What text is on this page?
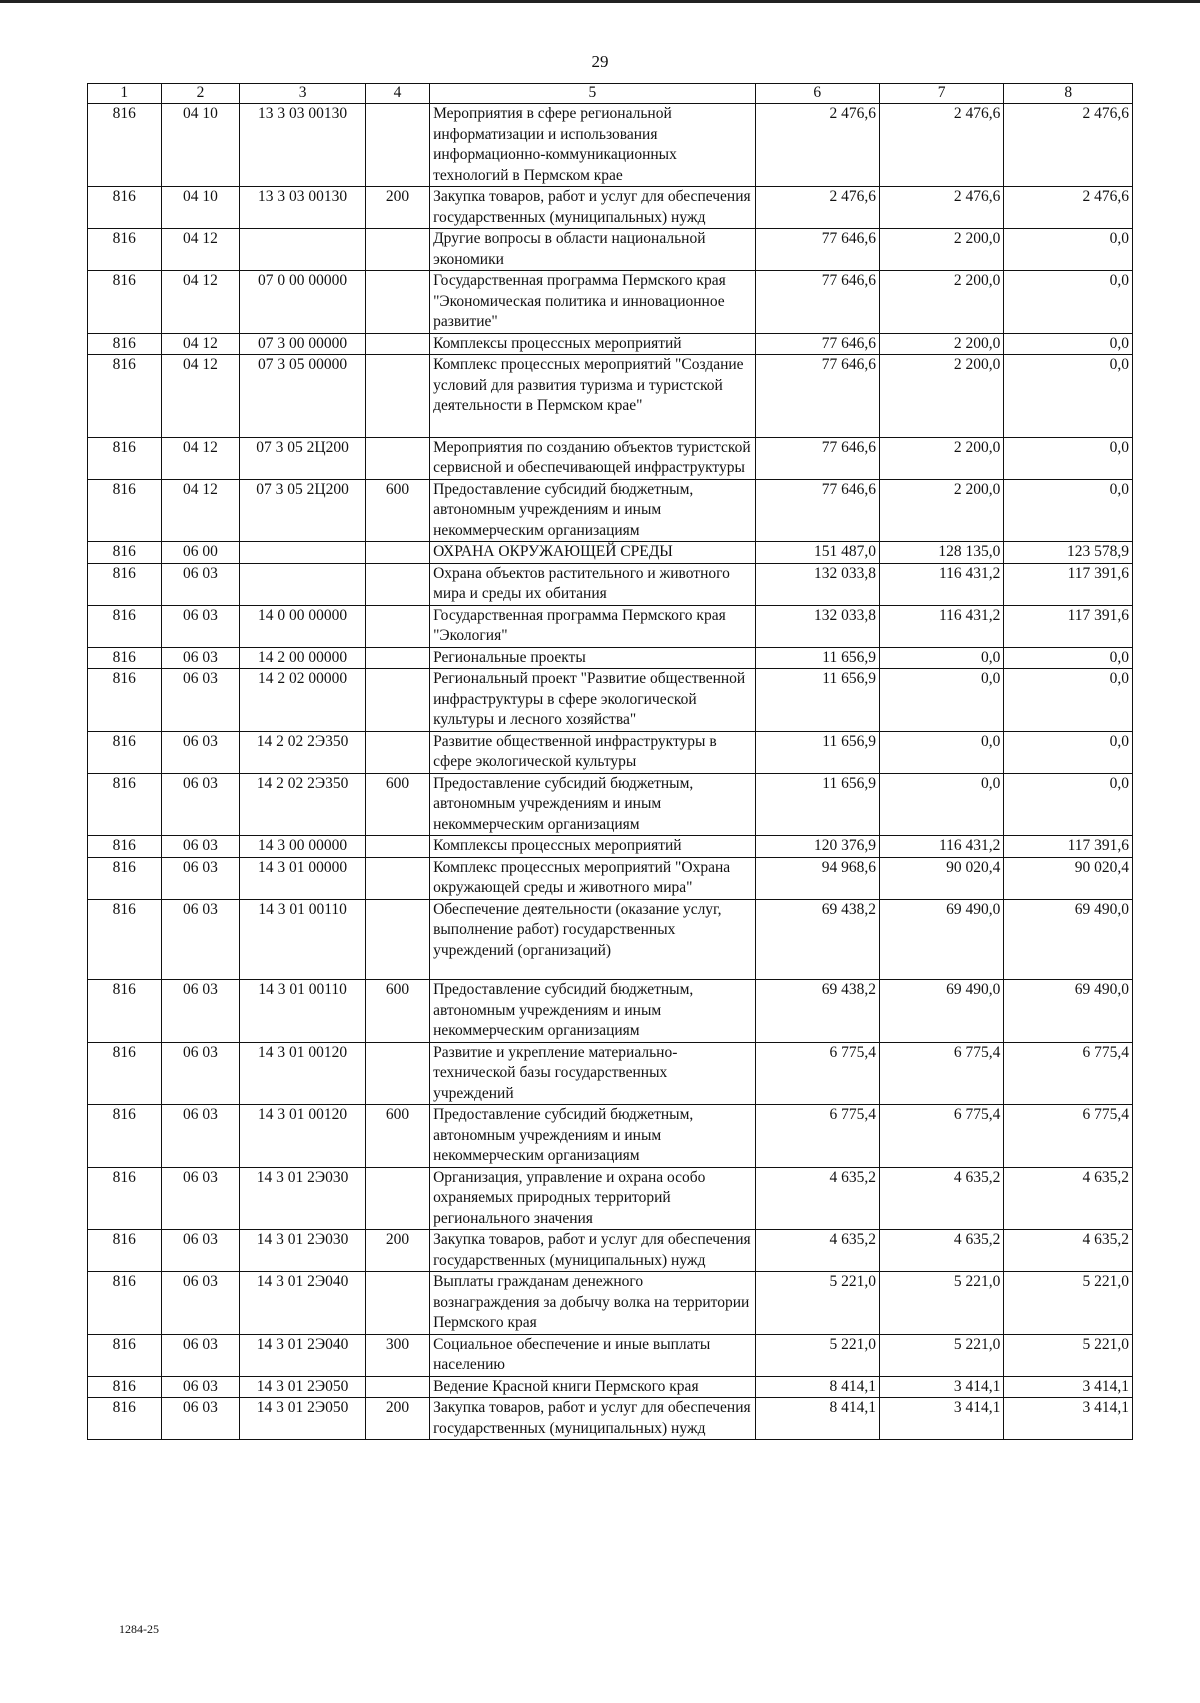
29
1	2	3	4	5	6	7	8
816	04 10	13 3 03 00130		Мероприятия в сфере региональной информатизации и использования информационно-коммуникационных технологий в Пермском крае	2 476,6	2 476,6	2 476,6
816	04 10	13 3 03 00130	200	Закупка товаров, работ и услуг для обеспечения государственных (муниципальных) нужд	2 476,6	2 476,6	2 476,6
816	04 12			Другие вопросы в области национальной экономики	77 646,6	2 200,0	0,0
816	04 12	07 0 00 00000		Государственная программа Пермского края "Экономическая политика и инновационное развитие"	77 646,6	2 200,0	0,0
816	04 12	07 3 00 00000		Комплексы процессных мероприятий	77 646,6	2 200,0	0,0
816	04 12	07 3 05 00000		Комплекс процессных мероприятий "Создание условий для развития туризма и туристской деятельности в Пермском крае"	77 646,6	2 200,0	0,0
816	04 12	07 3 05 2Ц200		Мероприятия по созданию объектов туристской сервисной и обеспечивающей инфраструктуры	77 646,6	2 200,0	0,0
816	04 12	07 3 05 2Ц200	600	Предоставление субсидий бюджетным, автономным учреждениям и иным некоммерческим организациям	77 646,6	2 200,0	0,0
816	06 00			ОХРАНА ОКРУЖАЮЩЕЙ СРЕДЫ	151 487,0	128 135,0	123 578,9
816	06 03			Охрана объектов растительного и животного мира и среды их обитания	132 033,8	116 431,2	117 391,6
816	06 03	14 0 00 00000		Государственная программа Пермского края "Экология"	132 033,8	116 431,2	117 391,6
816	06 03	14 2 00 00000		Региональные проекты	11 656,9	0,0	0,0
816	06 03	14 2 02 00000		Региональный проект "Развитие общественной инфраструктуры в сфере экологической культуры и лесного хозяйства"	11 656,9	0,0	0,0
816	06 03	14 2 02 2Э350		Развитие общественной инфраструктуры в сфере экологической культуры	11 656,9	0,0	0,0
816	06 03	14 2 02 2Э350	600	Предоставление субсидий бюджетным, автономным учреждениям и иным некоммерческим организациям	11 656,9	0,0	0,0
816	06 03	14 3 00 00000		Комплексы процессных мероприятий	120 376,9	116 431,2	117 391,6
816	06 03	14 3 01 00000		Комплекс процессных мероприятий "Охрана окружающей среды и животного мира"	94 968,6	90 020,4	90 020,4
816	06 03	14 3 01 00110		Обеспечение деятельности (оказание услуг, выполнение работ) государственных учреждений (организаций)	69 438,2	69 490,0	69 490,0
816	06 03	14 3 01 00110	600	Предоставление субсидий бюджетным, автономным учреждениям и иным некоммерческим организациям	69 438,2	69 490,0	69 490,0
816	06 03	14 3 01 00120		Развитие и укрепление материально-технической базы государственных учреждений	6 775,4	6 775,4	6 775,4
816	06 03	14 3 01 00120	600	Предоставление субсидий бюджетным, автономным учреждениям и иным некоммерческим организациям	6 775,4	6 775,4	6 775,4
816	06 03	14 3 01 2Э030		Организация, управление и охрана особо охраняемых природных территорий регионального значения	4 635,2	4 635,2	4 635,2
816	06 03	14 3 01 2Э030	200	Закупка товаров, работ и услуг для обеспечения государственных (муниципальных) нужд	4 635,2	4 635,2	4 635,2
816	06 03	14 3 01 2Э040		Выплаты гражданам денежного вознаграждения за добычу волка на территории Пермского края	5 221,0	5 221,0	5 221,0
816	06 03	14 3 01 2Э040	300	Социальное обеспечение и иные выплаты населению	5 221,0	5 221,0	5 221,0
816	06 03	14 3 01 2Э050		Ведение Красной книги Пермского края	8 414,1	3 414,1	3 414,1
816	06 03	14 3 01 2Э050	200	Закупка товаров, работ и услуг для обеспечения государственных (муниципальных) нужд	8 414,1	3 414,1	3 414,1
1284-25
